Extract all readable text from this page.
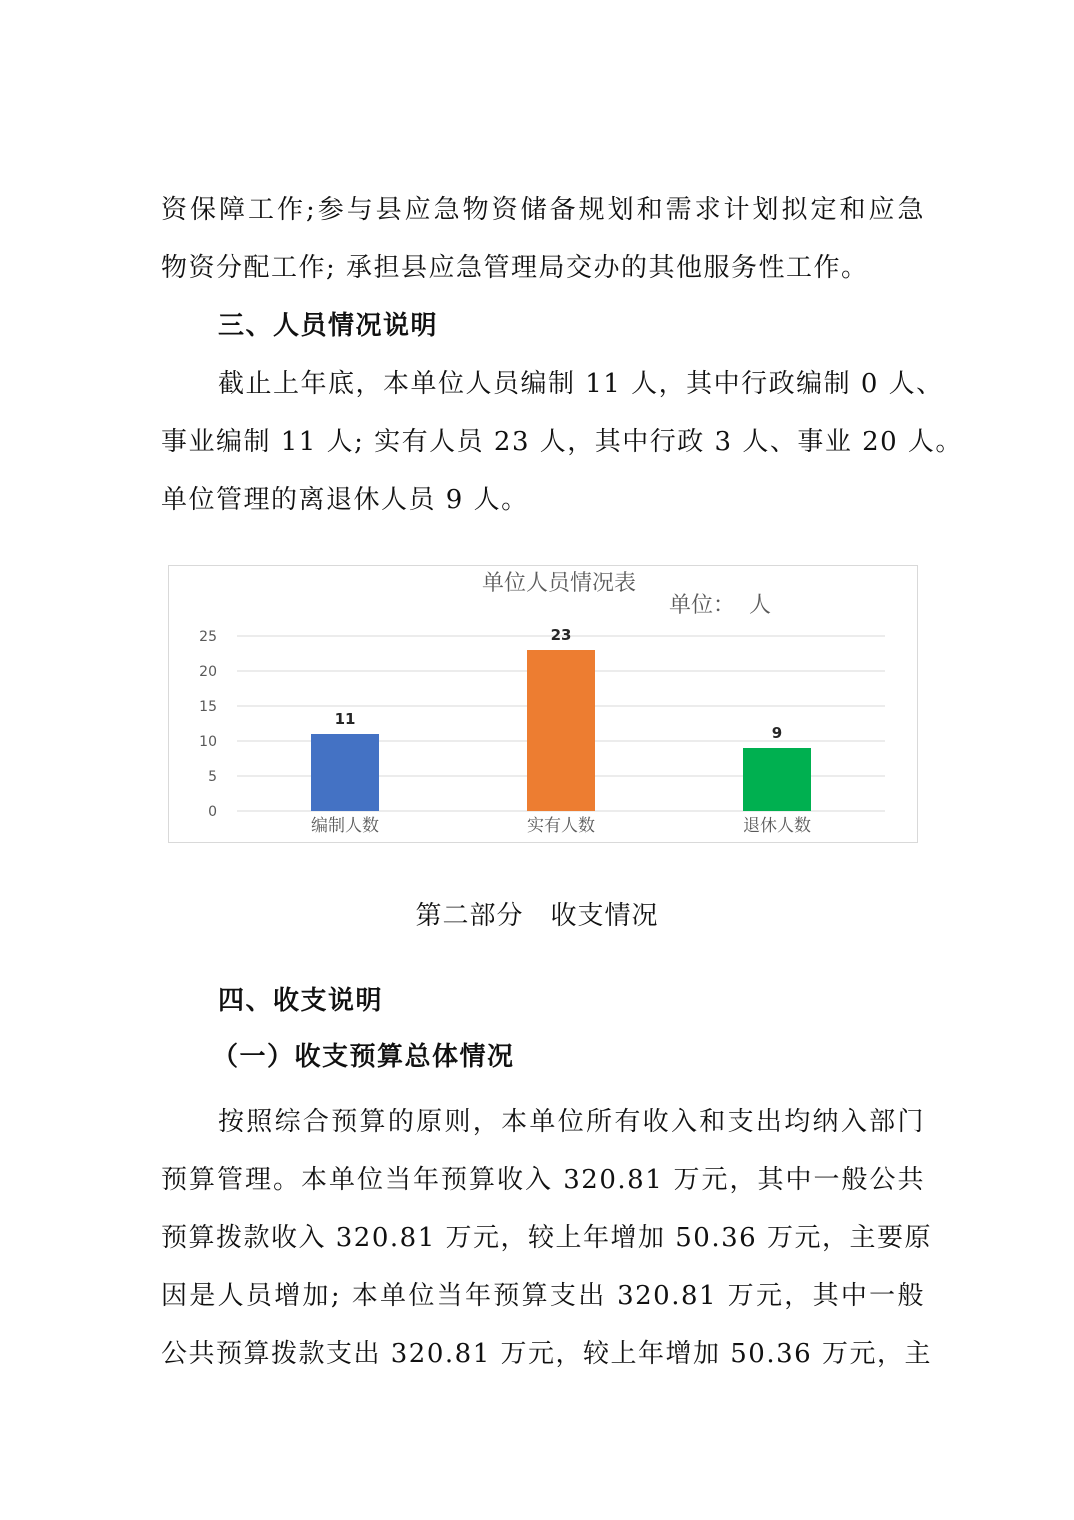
资保障工作;参与县应急物资储备规划和需求计划拟定和应急
物资分配工作; 承担县应急管理局交办的其他服务性工作。
三、人员情况说明
截止上年底，本单位人员编制 11 人，其中行政编制 0 人、
事业编制 11 人; 实有人员 23 人，其中行政 3 人、事业 20 人。
单位管理的离退休人员 9 人。
单位人员情况表
单位：  人
0
5
10
15
20
25
11
23
9
编制人数	实有人数	退休人数
第二部分　收支情况
四、收支说明
（一）收支预算总体情况
按照综合预算的原则，本单位所有收入和支出均纳入部门
预算管理。本单位当年预算收入 320.81 万元，其中一般公共
预算拨款收入 320.81 万元，较上年增加 50.36 万元，主要原
因是人员增加; 本单位当年预算支出 320.81 万元，其中一般
公共预算拨款支出 320.81 万元，较上年增加 50.36 万元，主
